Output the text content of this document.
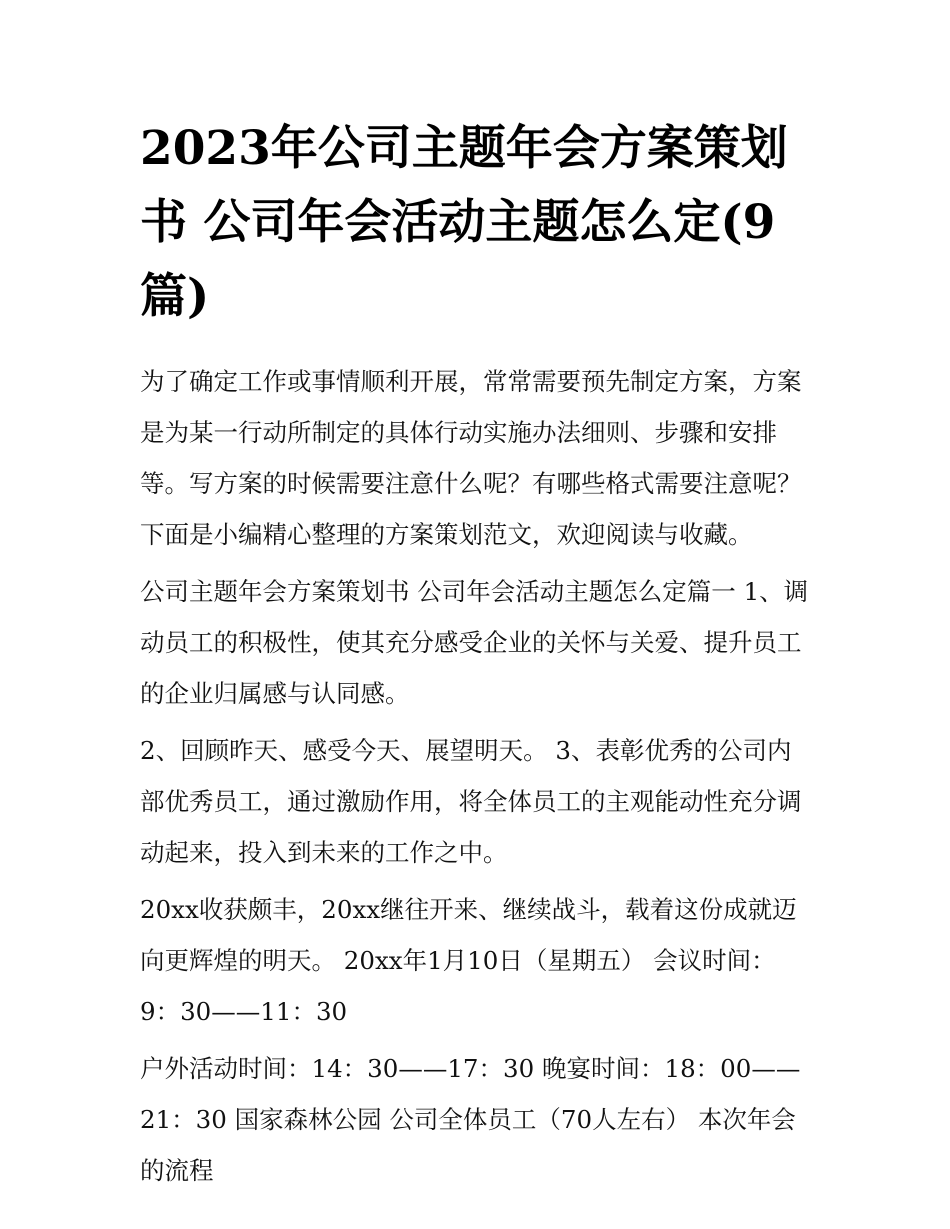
2023年公司主题年会方案策划书 公司年会活动主题怎么定(9篇)

为了确定工作或事情顺利开展，常常需要预先制定方案，方案是为某一行动所制定的具体行动实施办法细则、步骤和安排等。写方案的时候需要注意什么呢？有哪些格式需要注意呢？下面是小编精心整理的方案策划范文，欢迎阅读与收藏。

公司主题年会方案策划书 公司年会活动主题怎么定篇一 1、调动员工的积极性，使其充分感受企业的关怀与关爱、提升员工的企业归属感与认同感。

2、回顾昨天、感受今天、展望明天。 3、表彰优秀的公司内部优秀员工，通过激励作用，将全体员工的主观能动性充分调动起来，投入到未来的工作之中。

20xx收获颇丰，20xx继往开来、继续战斗，载着这份成就迈向更辉煌的明天。 20xx年1月10日（星期五） 会议时间：9：30——11：30

户外活动时间：14：30——17：30 晚宴时间：18：00——21：30 国家森林公园 公司全体员工（70人左右） 本次年会的流程
